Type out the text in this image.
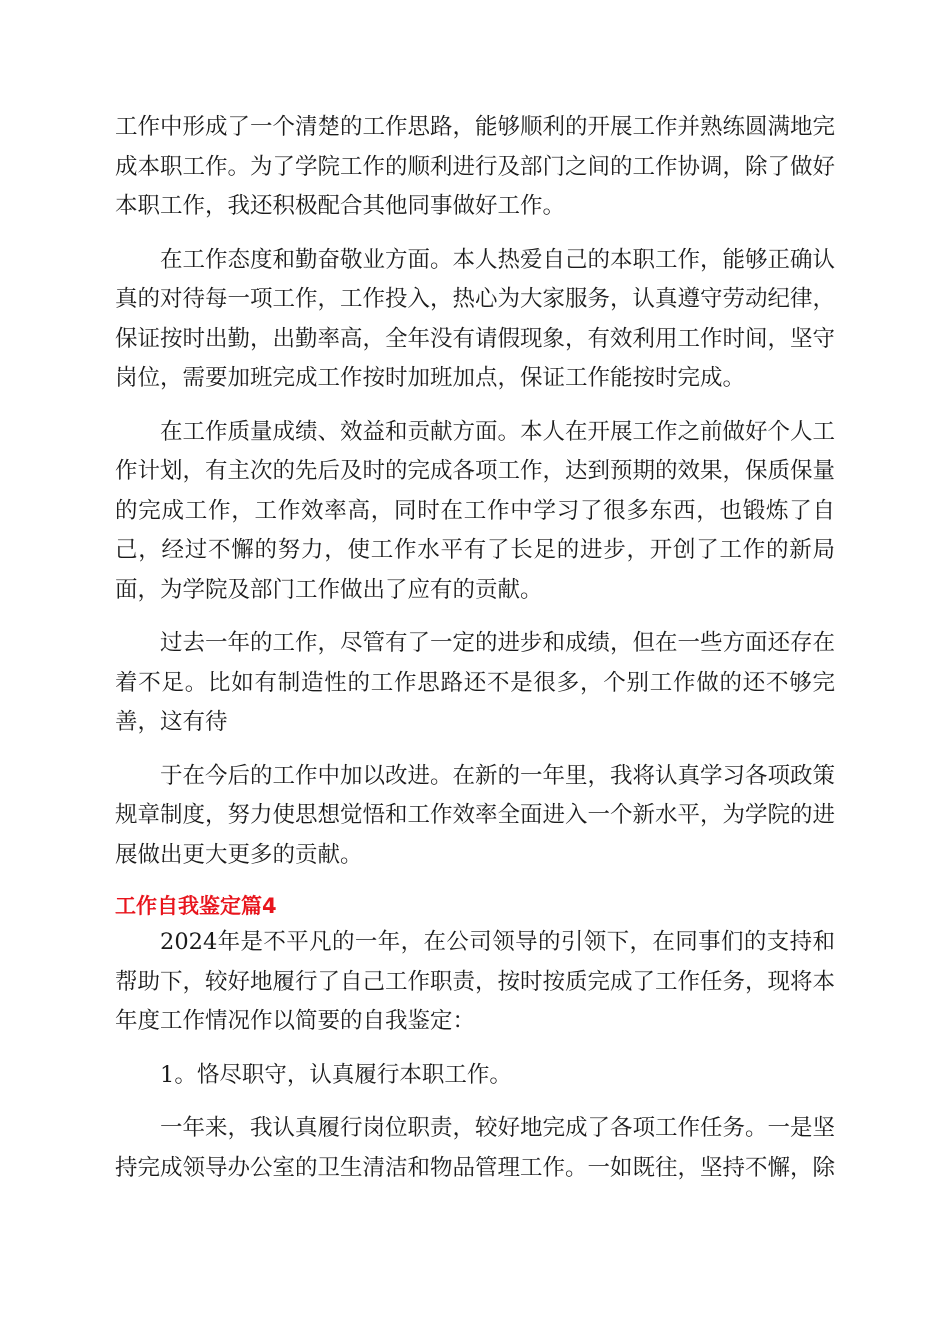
工作中形成了一个清楚的工作思路，能够顺利的开展工作并熟练圆满地完成本职工作。为了学院工作的顺利进行及部门之间的工作协调，除了做好本职工作，我还积极配合其他同事做好工作。

在工作态度和勤奋敬业方面。本人热爱自己的本职工作，能够正确认真的对待每一项工作，工作投入，热心为大家服务，认真遵守劳动纪律，保证按时出勤，出勤率高，全年没有请假现象，有效利用工作时间，坚守岗位，需要加班完成工作按时加班加点，保证工作能按时完成。

在工作质量成绩、效益和贡献方面。本人在开展工作之前做好个人工作计划，有主次的先后及时的完成各项工作，达到预期的效果，保质保量的完成工作，工作效率高，同时在工作中学习了很多东西，也锻炼了自己，经过不懈的努力，使工作水平有了长足的进步，开创了工作的新局面，为学院及部门工作做出了应有的贡献。

过去一年的工作，尽管有了一定的进步和成绩，但在一些方面还存在着不足。比如有制造性的工作思路还不是很多，个别工作做的还不够完善，这有待

于在今后的工作中加以改进。在新的一年里，我将认真学习各项政策规章制度，努力使思想觉悟和工作效率全面进入一个新水平，为学院的进展做出更大更多的贡献。

工作自我鉴定篇4

2024年是不平凡的一年，在公司领导的引领下，在同事们的支持和帮助下，较好地履行了自己工作职责，按时按质完成了工作任务，现将本年度工作情况作以简要的自我鉴定：

1。恪尽职守，认真履行本职工作。

一年来，我认真履行岗位职责，较好地完成了各项工作任务。一是坚持完成领导办公室的卫生清洁和物品管理工作。一如既往，坚持不懈，除
